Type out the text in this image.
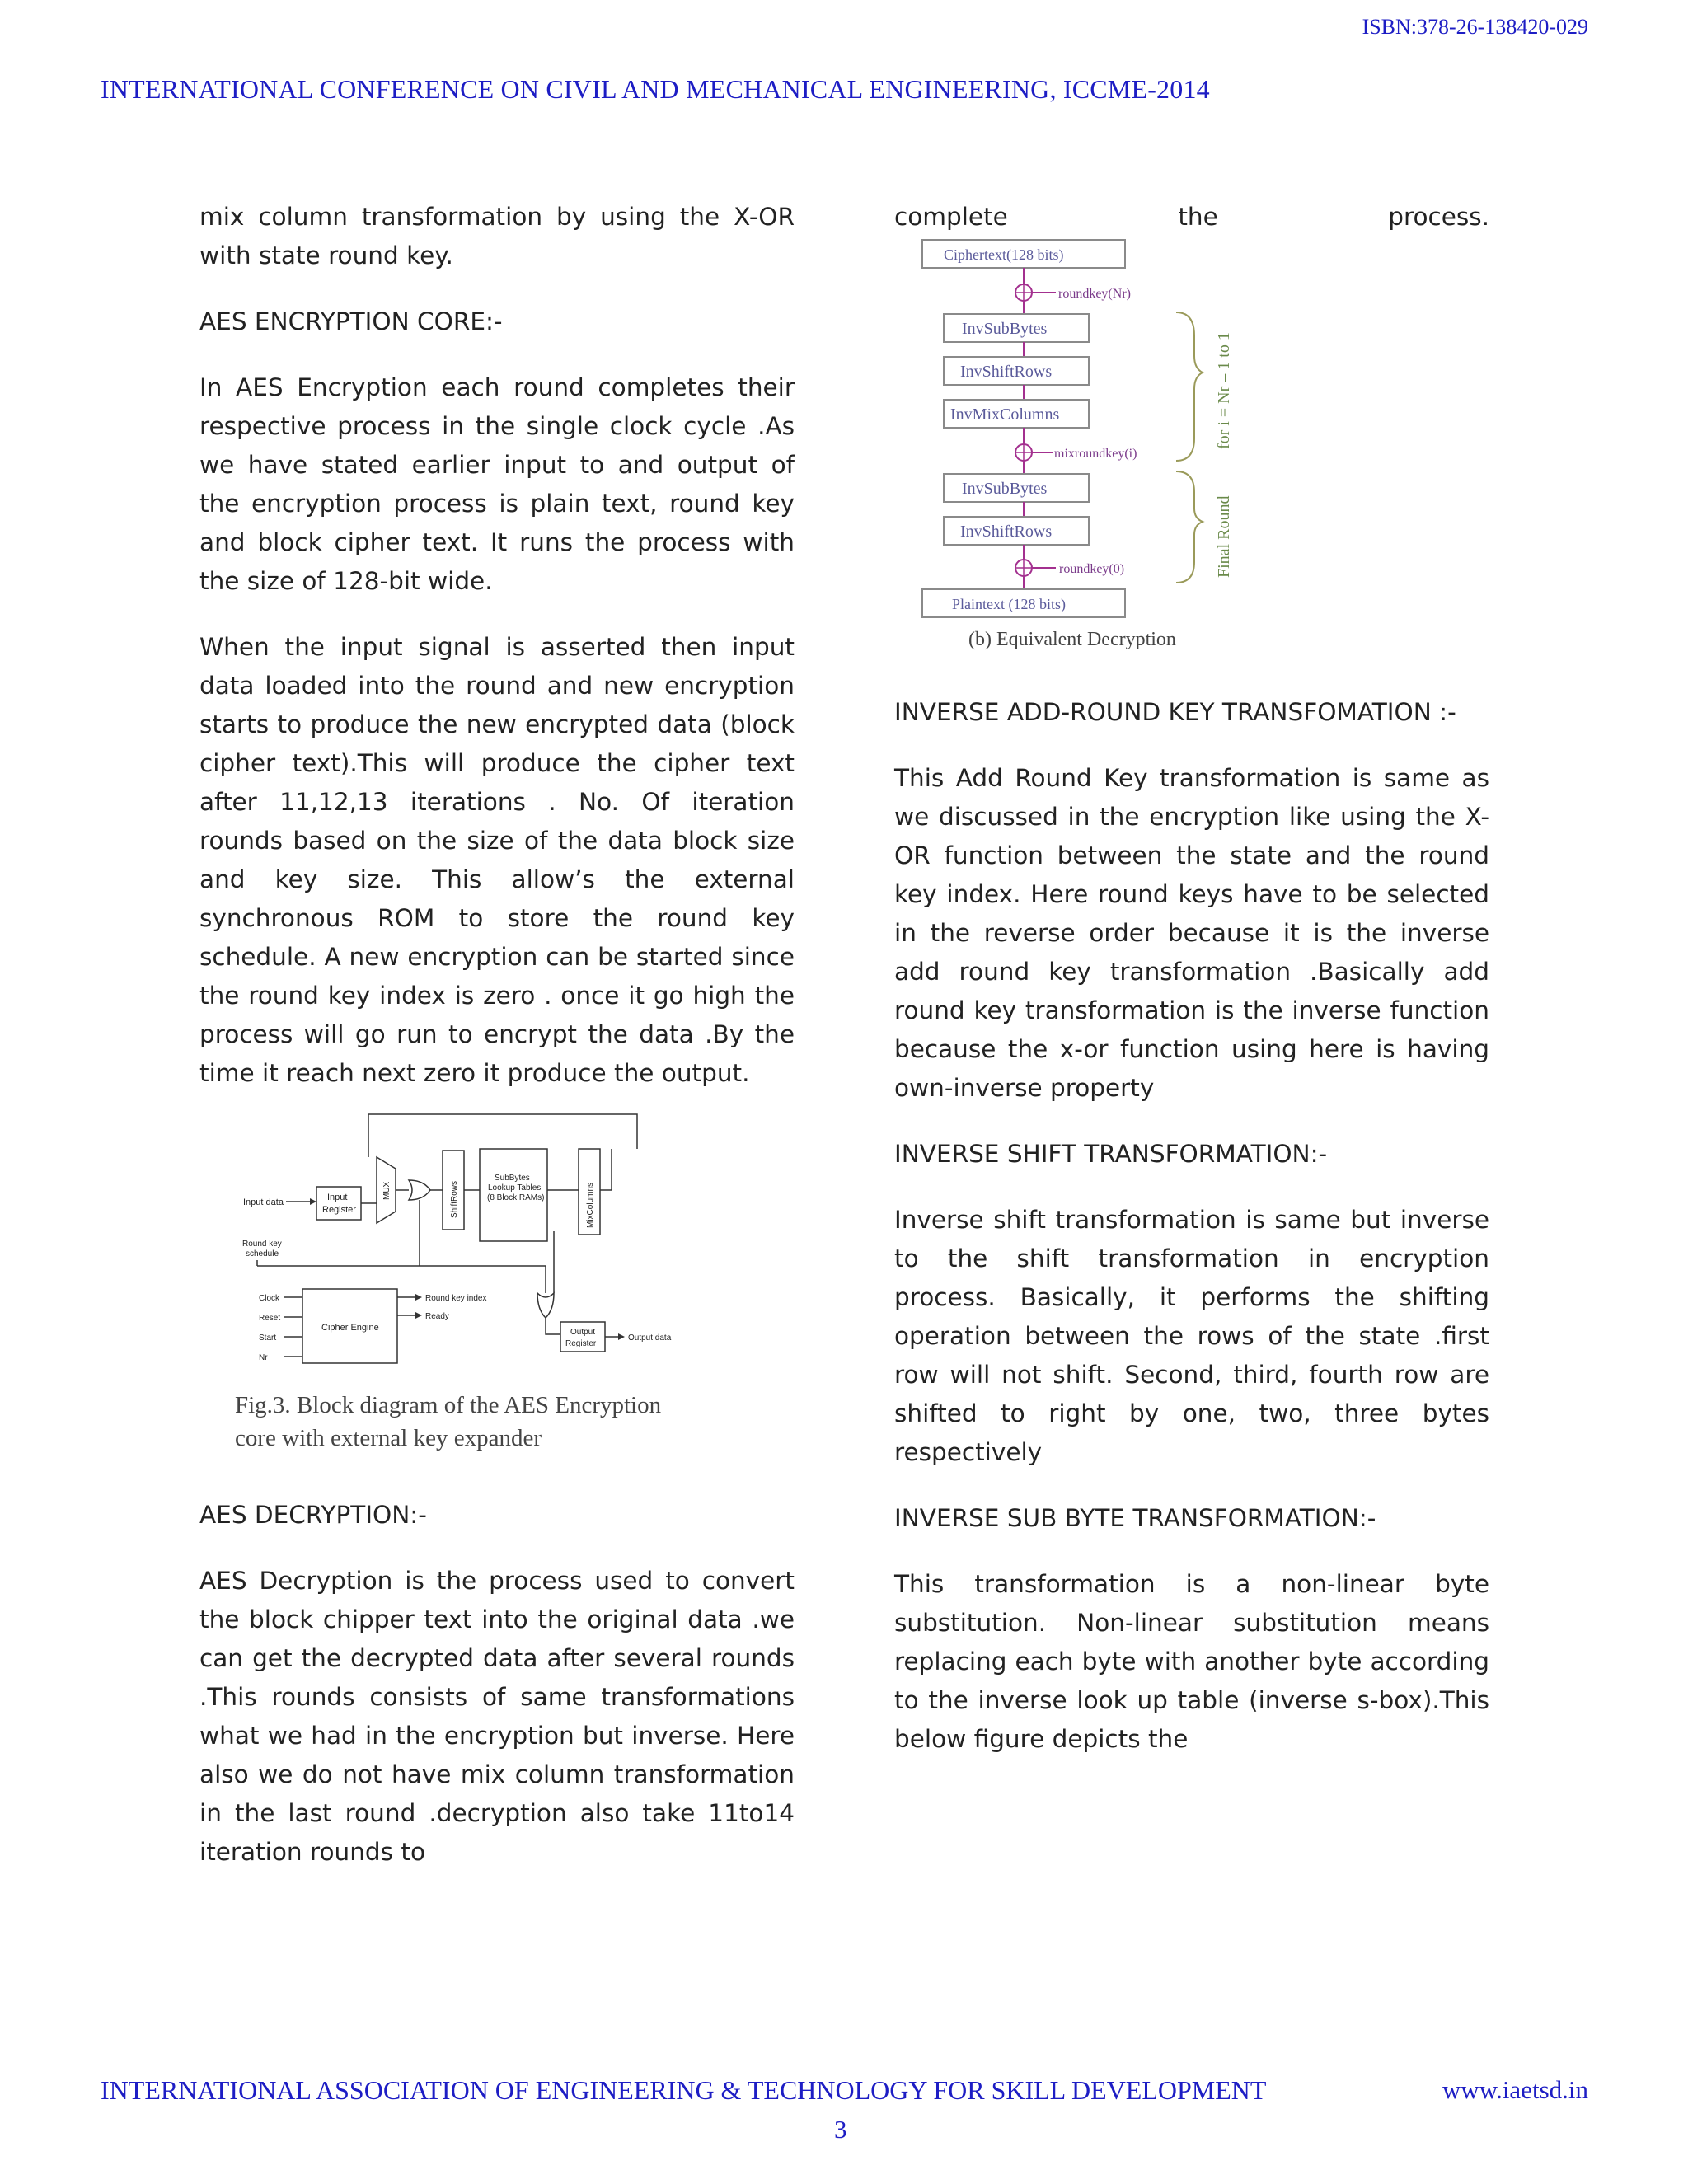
ISBN:378-26-138420-029
INTERNATIONAL CONFERENCE ON CIVIL AND MECHANICAL ENGINEERING, ICCME-2014

mix column transformation by using the X-OR with state round key.

AES ENCRYPTION CORE:-

In AES Encryption each round completes their respective process in the single clock cycle .As we have stated earlier input to and output of the encryption process is plain text, round key and block cipher text. It runs the process with the size of 128-bit wide.

When the input signal is asserted then input data loaded into the round and new encryption starts to produce the new encrypted data (block cipher text).This will produce the cipher text after 11,12,13 iterations . No. Of iteration rounds based on the size of the data block size and key size. This allow’s the external synchronous ROM to store the round key schedule. A new encryption can be started since the round key index is zero . once it go high the process will go run to encrypt the data .By the time it reach next zero it produce the output.

Input data	Input
Register
MUX	ShiftRows
SubBytes
Lookup Tables
(8 Block RAMs)	MixColumns
Round key
schedule
Output
Register
Output data
Clock
Reset
Start
Nr
Cipher Engine
Round key index
Ready
Fig.3. Block diagram of the AES Encryption
core with external key expander

AES DECRYPTION:-

AES Decryption is the process used to convert the block chipper text into the original data .we can get the decrypted data after several rounds .This rounds consists of same transformations what we had in the encryption but inverse. Here also we do not have mix column transformation in the last round .decryption also take 11to14 iteration rounds to

complete	the	process.
Ciphertext(128 bits)
roundkey(Nr)
InvSubBytes
InvShiftRows
InvMixColumns
mixroundkey(i)
InvSubBytes
InvShiftRows
roundkey(0)
Plaintext (128 bits)
for i = Nr – 1 to 1
Final Round
(b) Equivalent Decryption

INVERSE ADD-ROUND KEY TRANSFOMATION :-

This Add Round Key transformation is same as we discussed in the encryption like using the X-OR function between the state and the round key index. Here round keys have to be selected in the reverse order because it is the inverse add round key transformation .Basically add round key transformation is the inverse function because the x-or function using here is having own-inverse property

INVERSE SHIFT TRANSFORMATION:-

Inverse shift transformation is same but inverse to the shift transformation in encryption process. Basically, it performs the shifting operation between the rows of the state .first row will not shift. Second, third, fourth row are shifted to right by one, two, three bytes respectively

INVERSE SUB BYTE TRANSFORMATION:-

This transformation is a non-linear byte substitution. Non-linear substitution means replacing each byte with another byte according to the inverse look up table (inverse s-box).This below figure depicts the

INTERNATIONAL ASSOCIATION OF ENGINEERING & TECHNOLOGY FOR SKILL DEVELOPMENT	www.iaetsd.in
3
